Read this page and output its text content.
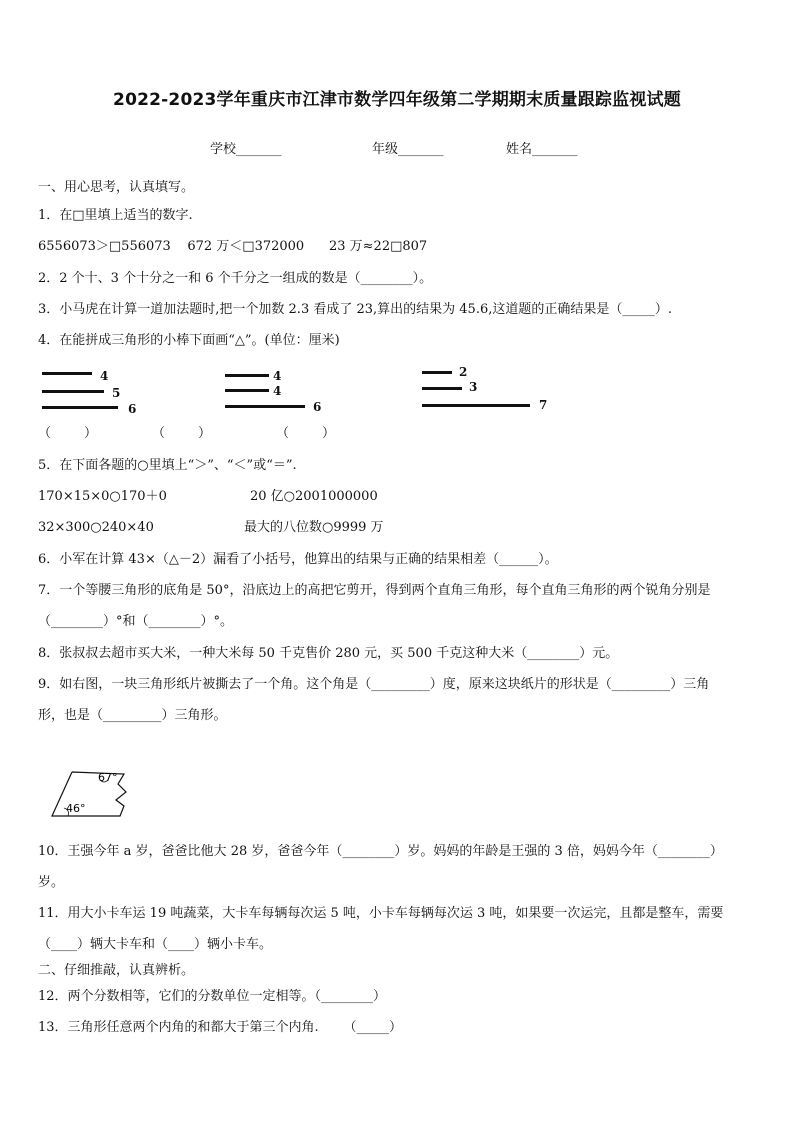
2022-2023学年重庆市江津市数学四年级第二学期期末质量跟踪监视试题
学校_______	年级_______	姓名_______
一、用心思考，认真填写。
1．在□里填上适当的数字.
6556073＞□556073    672 万＜□372000      23 万≈22□807
2．2 个十、3 个十分之一和 6 个千分之一组成的数是（________）。
3．小马虎在计算一道加法题时,把一个加数 2.3 看成了 23,算出的结果为 45.6,这道题的正确结果是（_____）.
4．在能拼成三角形的小棒下面画“△”。(单位：厘米)
4
5
6
4
4
6
2
3
7
（        ）	（        ）	（        ）
5．在下面各题的○里填上“＞”、“＜”或“＝”.
170×15×0○170＋0	20 亿○2001000000
32×300○240×40	最大的八位数○9999 万
6．小军在计算 43×（△－2）漏看了小括号，他算出的结果与正确的结果相差（______）。
7．一个等腰三角形的底角是 50°，沿底边上的高把它剪开，得到两个直角三角形，每个直角三角形的两个锐角分别是
（________）°和（________）°。
8．张叔叔去超市买大米，一种大米每 50 千克售价 280 元，买 500 千克这种大米（________）元。
9．如右图，一块三角形纸片被撕去了一个角。这个角是（_________）度，原来这块纸片的形状是（_________）三角
形，也是（_________）三角形。
67°
46°
10．王强今年 a 岁，爸爸比他大 28 岁，爸爸今年（________）岁。妈妈的年龄是王强的 3 倍，妈妈今年（________）
岁。
11．用大小卡车运 19 吨蔬菜，大卡车每辆每次运 5 吨，小卡车每辆每次运 3 吨，如果要一次运完，且都是整车，需要
（____）辆大卡车和（____）辆小卡车。
二、仔细推敲，认真辨析。
12．两个分数相等，它们的分数单位一定相等。（________）
13．三角形任意两个内角的和都大于第三个内角.      （_____）
